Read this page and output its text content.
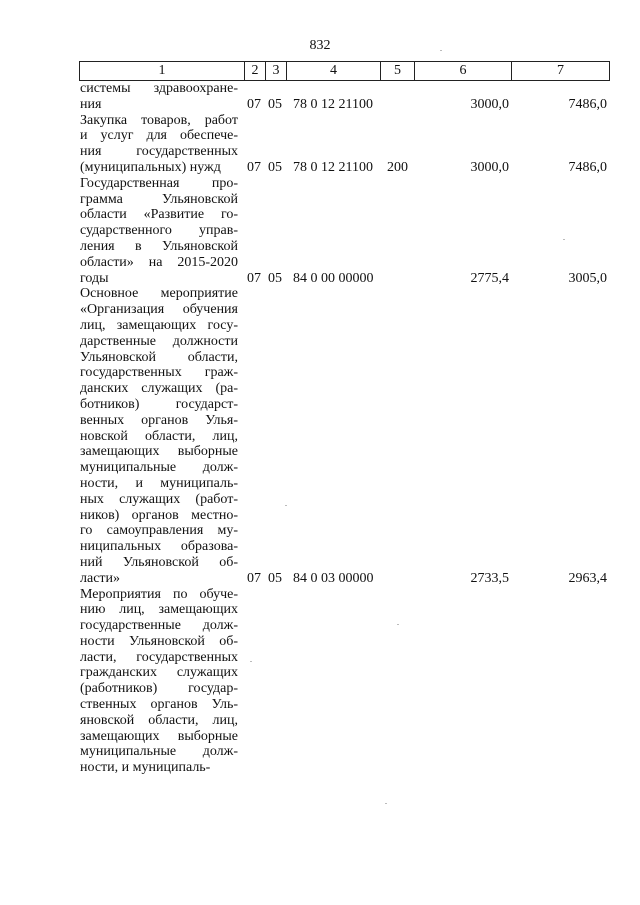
832
1	2	3	4	5	6	7
системы здравоохране-
ния	07 05 78 0 12 21100	3000,0	7486,0
Закупка товаров, работ
и услуг для обеспече-
ния государственных
(муниципальных) нужд	07 05 78 0 12 21100 200	3000,0	7486,0
Государственная про-
грамма Ульяновской
области «Развитие го-
сударственного управ-
ления в Ульяновской
области» на 2015-2020
годы	07 05 84 0 00 00000	2775,4	3005,0
Основное мероприятие
«Организация обучения
лиц, замещающих госу-
дарственные должности
Ульяновской области,
государственных граж-
данских служащих (ра-
ботников) государст-
венных органов Улья-
новской области, лиц,
замещающих выборные
муниципальные долж-
ности, и муниципаль-
ных служащих (работ-
ников) органов местно-
го самоуправления му-
ниципальных образова-
ний Ульяновской об-
ласти»	07 05 84 0 03 00000	2733,5	2963,4
Мероприятия по обуче-
нию лиц, замещающих
государственные долж-
ности Ульяновской об-
ласти, государственных
гражданских служащих
(работников) государ-
ственных органов Уль-
яновской области, лиц,
замещающих выборные
муниципальные долж-
ности, и муниципаль-
